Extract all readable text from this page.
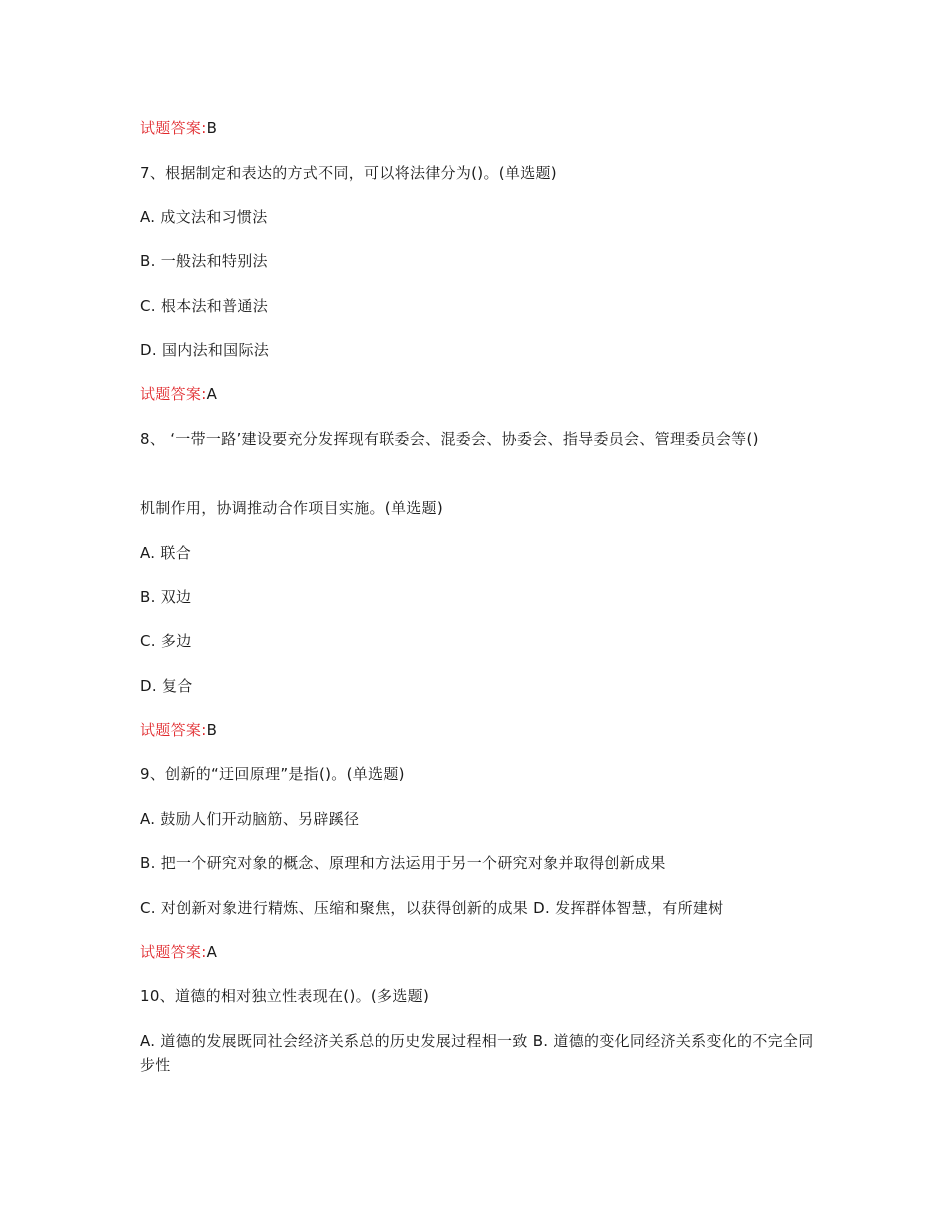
试题答案:B
7、根据制定和表达的方式不同，可以将法律分为()。(单选题)
A. 成文法和习惯法
B. 一般法和特别法
C. 根本法和普通法
D. 国内法和国际法
试题答案:A
8、 ‘一带一路’建设要充分发挥现有联委会、混委会、协委会、指导委员会、管理委员会等()
机制作用，协调推动合作项目实施。(单选题)
A. 联合
B. 双边
C. 多边
D. 复合
试题答案:B
9、创新的“迂回原理”是指()。(单选题)
A. 鼓励人们开动脑筋、另辟蹊径
B. 把一个研究对象的概念、原理和方法运用于另一个研究对象并取得创新成果
C. 对创新对象进行精炼、压缩和聚焦，以获得创新的成果 D. 发挥群体智慧，有所建树
试题答案:A
10、道德的相对独立性表现在()。(多选题)
A. 道德的发展既同社会经济关系总的历史发展过程相一致 B. 道德的变化同经济关系变化的不完全同步性
